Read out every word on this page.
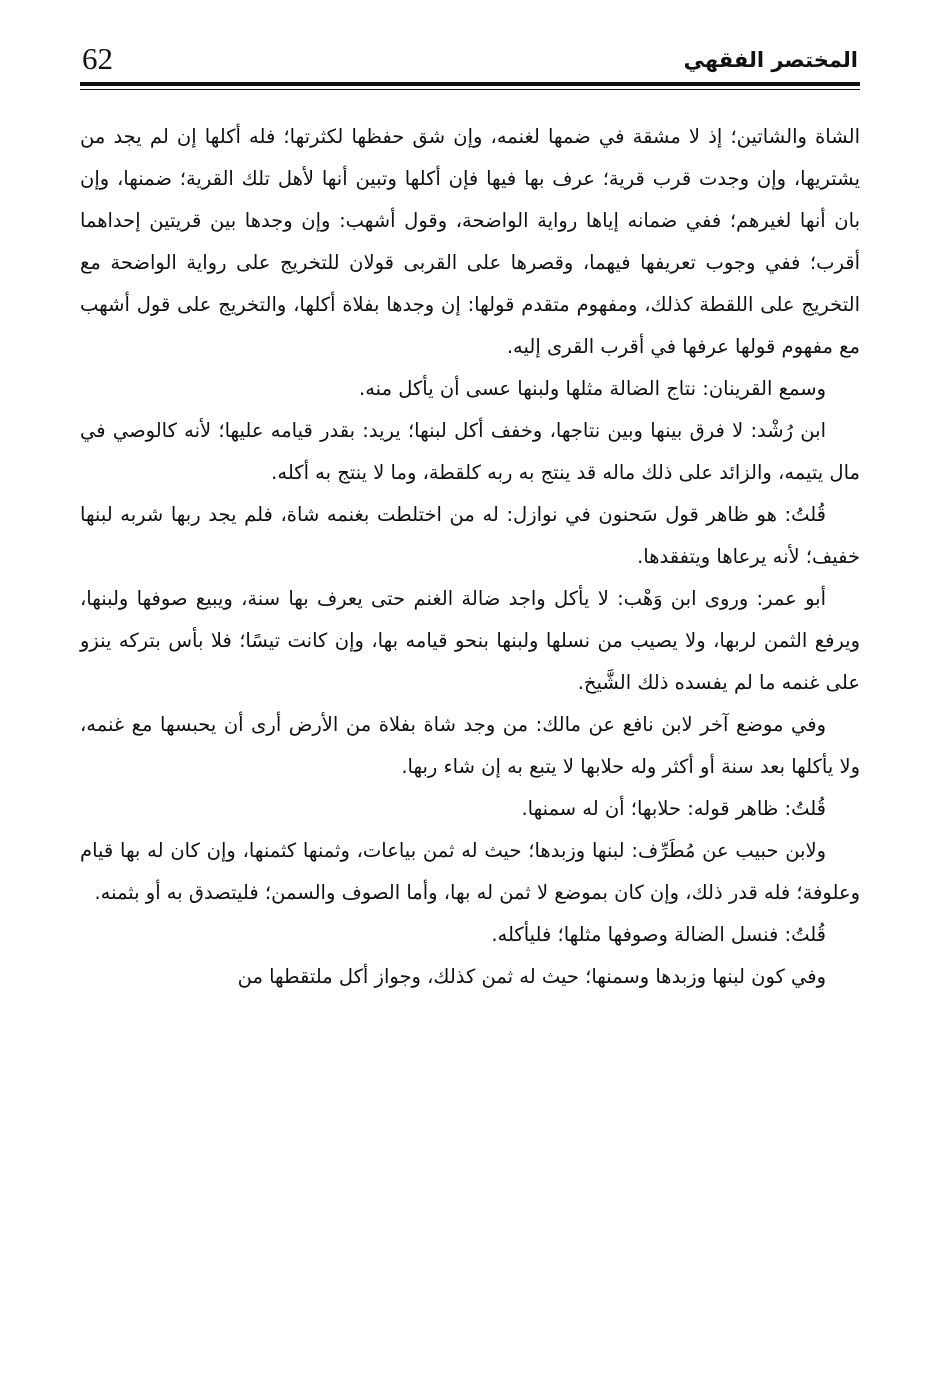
62	المختصر الفقهي

الشاة والشاتين؛ إذ لا مشقة في ضمها لغنمه، وإن شق حفظها لكثرتها؛ فله أكلها إن لم يجد من يشتريها، وإن وجدت قرب قرية؛ عرف بها فيها فإن أكلها وتبين أنها لأهل تلك القرية؛ ضمنها، وإن بان أنها لغيرهم؛ ففي ضمانه إياها رواية الواضحة، وقول أشهب: وإن وجدها بين قريتين إحداهما أقرب؛ ففي وجوب تعريفها فيهما، وقصرها على القربى قولان للتخريج على رواية الواضحة مع التخريج على اللقطة كذلك، ومفهوم متقدم قولها: إن وجدها بفلاة أكلها، والتخريج على قول أشهب مع مفهوم قولها عرفها في أقرب القرى إليه.

وسمع القرينان: نتاج الضالة مثلها ولبنها عسى أن يأكل منه.

ابن رُشْد: لا فرق بينها وبين نتاجها، وخفف أكل لبنها؛ يريد: بقدر قيامه عليها؛ لأنه كالوصي في مال يتيمه، والزائد على ذلك ماله قد ينتج به ربه كلقطة، وما لا ينتج به أكله.

قُلتُ: هو ظاهر قول سَحنون في نوازل: له من اختلطت بغنمه شاة، فلم يجد ربها شربه لبنها خفيف؛ لأنه يرعاها ويتفقدها.

أبو عمر: وروى ابن وَهْب: لا يأكل واجد ضالة الغنم حتى يعرف بها سنة، ويبيع صوفها ولبنها، ويرفع الثمن لربها، ولا يصيب من نسلها ولبنها بنحو قيامه بها، وإن كانت تيسًا؛ فلا بأس بتركه ينزو على غنمه ما لم يفسده ذلك الشَّيخ.

وفي موضع آخر لابن نافع عن مالك: من وجد شاة بفلاة من الأرض أرى أن يحبسها مع غنمه، ولا يأكلها بعد سنة أو أكثر وله حلابها لا يتبع به إن شاء ربها.

قُلتُ: ظاهر قوله: حلابها؛ أن له سمنها.

ولابن حبيب عن مُطَرِّف: لبنها وزبدها؛ حيث له ثمن بياعات، وثمنها كثمنها، وإن كان له بها قيام وعلوفة؛ فله قدر ذلك، وإن كان بموضع لا ثمن له بها، وأما الصوف والسمن؛ فليتصدق به أو بثمنه.

قُلتُ: فنسل الضالة وصوفها مثلها؛ فليأكله.

وفي كون لبنها وزبدها وسمنها؛ حيث له ثمن كذلك، وجواز أكل ملتقطها من
